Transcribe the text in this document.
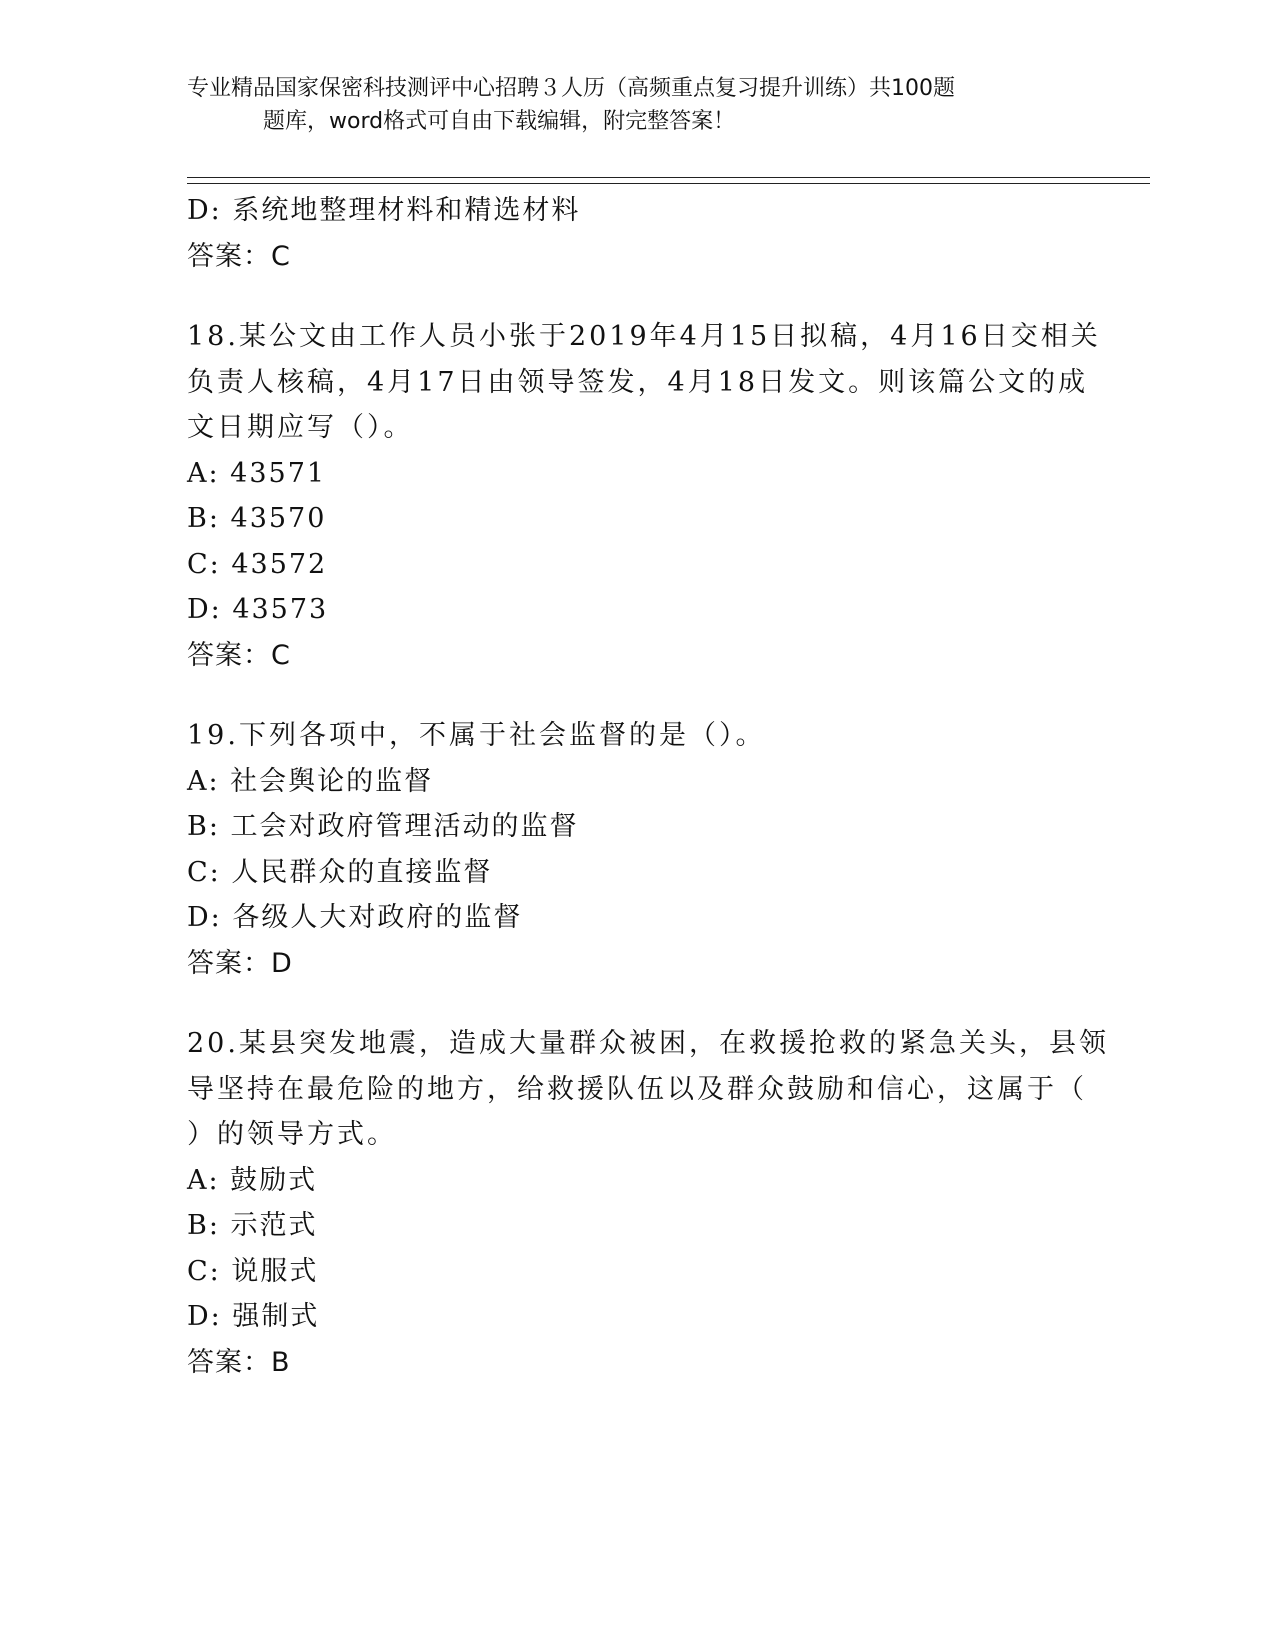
专业精品国家保密科技测评中心招聘３人历（高频重点复习提升训练）共100题
题库，word格式可自由下载编辑，附完整答案！
D: 系统地整理材料和精选材料
答案：C
18.某公文由工作人员小张于2019年4月15日拟稿，4月16日交相关
负责人核稿，4月17日由领导签发，4月18日发文。则该篇公文的成
文日期应写（）。
A: 43571
B: 43570
C: 43572
D: 43573
答案：C
19.下列各项中，不属于社会监督的是（）。
A: 社会舆论的监督
B: 工会对政府管理活动的监督
C: 人民群众的直接监督
D: 各级人大对政府的监督
答案：D
20.某县突发地震，造成大量群众被困，在救援抢救的紧急关头，县领
导坚持在最危险的地方，给救援队伍以及群众鼓励和信心，这属于（
）的领导方式。
A: 鼓励式
B: 示范式
C: 说服式
D: 强制式
答案：B
